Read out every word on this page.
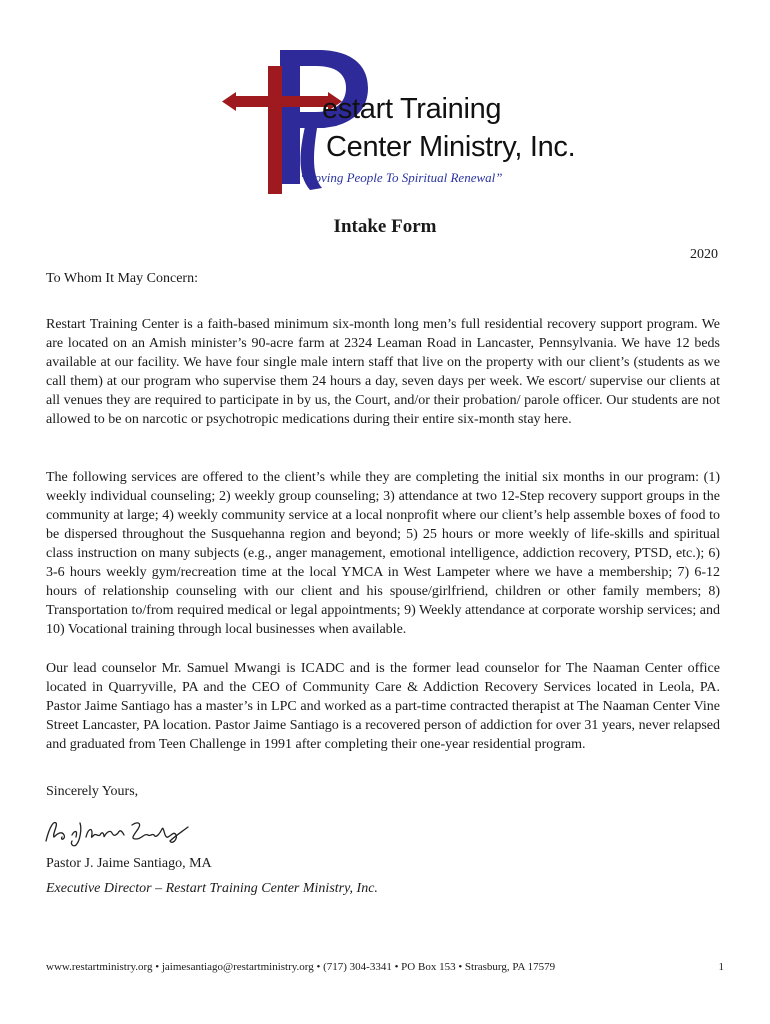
estart Training
Center Ministry, Inc.
“Loving People To Spiritual Renewal”
Intake Form
2020
To Whom It May Concern:

Restart Training Center is a faith-based minimum six-month long men’s full residential recovery support program. We are located on an Amish minister’s 90-acre farm at 2324 Leaman Road in Lancaster, Pennsylvania. We have 12 beds available at our facility. We have four single male intern staff that live on the property with our client’s (students as we call them) at our program who supervise them 24 hours a day, seven days per week. We escort/ supervise our clients at all venues they are required to participate in by us, the Court, and/or their probation/ parole officer. Our students are not allowed to be on narcotic or psychotropic medications during their entire six-month stay here.

The following services are offered to the client’s while they are completing the initial six months in our program: (1) weekly individual counseling; 2) weekly group counseling; 3) attendance at two 12-Step recovery support groups in the community at large; 4) weekly community service at a local nonprofit where our client’s help assemble boxes of food to be dispersed throughout the Susquehanna region and beyond; 5) 25 hours or more weekly of life-skills and spiritual class instruction on many subjects (e.g., anger management, emotional intelligence, addiction recovery, PTSD, etc.); 6) 3-6 hours weekly gym/recreation time at the local YMCA in West Lampeter where we have a membership; 7) 6-12 hours of relationship counseling with our client and his spouse/girlfriend, children or other family members; 8) Transportation to/from required medical or legal appointments; 9) Weekly attendance at corporate worship services; and 10) Vocational training through local businesses when available.

Our lead counselor Mr. Samuel Mwangi is ICADC and is the former lead counselor for The Naaman Center office located in Quarryville, PA and the CEO of Community Care & Addiction Recovery Services located in Leola, PA. Pastor Jaime Santiago has a master’s in LPC and worked as a part-time contracted therapist at The Naaman Center Vine Street Lancaster, PA location. Pastor Jaime Santiago is a recovered person of addiction for over 31 years, never relapsed and graduated from Teen Challenge in 1991 after completing their one-year residential program.

Sincerely Yours,
Pastor J. Jaime Santiago, MA
Executive Director – Restart Training Center Ministry, Inc.
www.restartministry.org • jaimesantiago@restartministry.org • (717) 304-3341 • PO Box 153 • Strasburg, PA 17579	1
